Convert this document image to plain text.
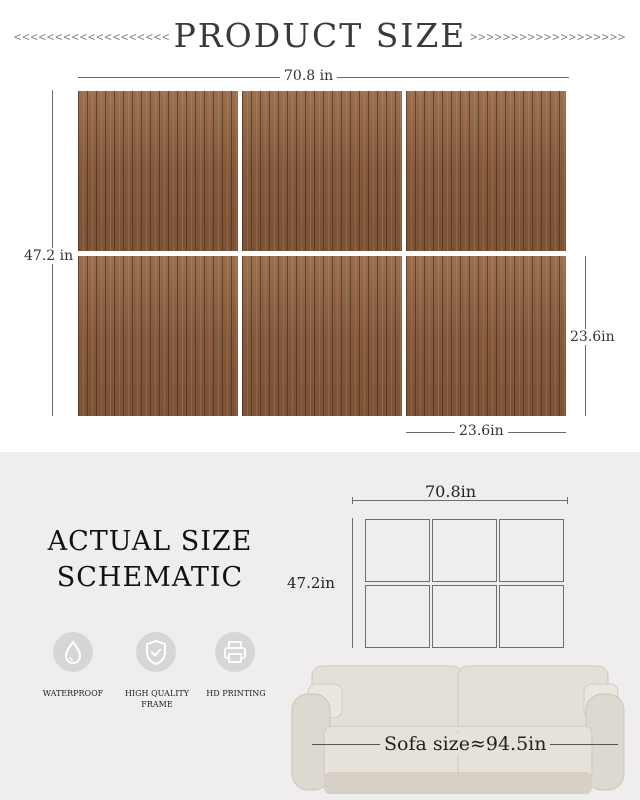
<<<<<<<<<<<<<<<<<<< PRODUCT SIZE >>>>>>>>>>>>>>>>>>>
70.8 in
47.2 in
23.6in
23.6in
ACTUAL SIZE
SCHEMATIC
WATERPROOF	HIGH QUALITY FRAME
HD PRINTING
70.8in
47.2in
Sofa size≈94.5in
